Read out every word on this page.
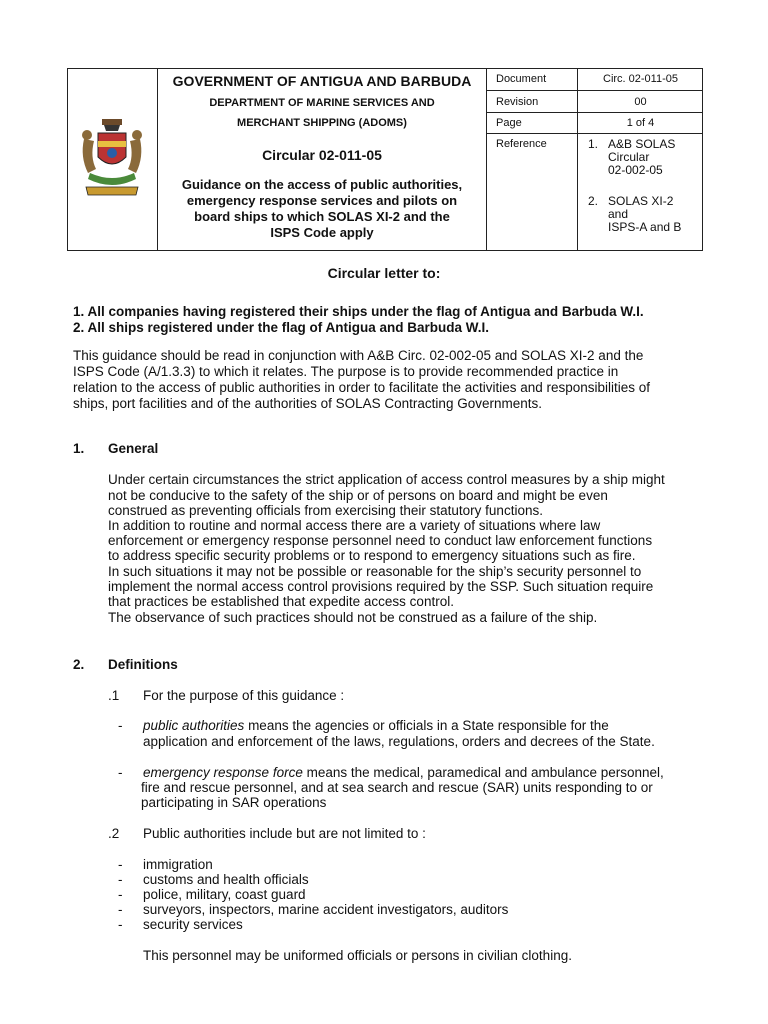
GOVERNMENT OF ANTIGUA AND BARBUDA
DEPARTMENT OF MARINE SERVICES AND
MERCHANT SHIPPING (ADOMS)
Circular 02-011-05
Guidance on the access of public authorities,
emergency response services and pilots on
board ships to which SOLAS XI-2 and the
ISPS Code apply
Document	Circ. 02-011-05
Revision	00
Page	1 of 4
Reference	1. A&B SOLAS
Circular
02-002-05
2. SOLAS XI-2
and
ISPS-A and B
Circular letter to:
1. All companies having registered their ships under the flag of Antigua and Barbuda W.I.
2. All ships registered under the flag of Antigua and Barbuda W.I.
This guidance should be read in conjunction with A&B Circ. 02-002-05 and SOLAS XI-2 and the
ISPS Code (A/1.3.3) to which it relates. The purpose is to provide recommended practice in
relation to the access of public authorities in order to facilitate the activities and responsibilities of
ships, port facilities and of the authorities of SOLAS Contracting Governments.
1. General
Under certain circumstances the strict application of access control measures by a ship might
not be conducive to the safety of the ship or of persons on board and might be even
construed as preventing officials from exercising their statutory functions.
In addition to routine and normal access there are a variety of situations where law
enforcement or emergency response personnel need to conduct law enforcement functions
to address specific security problems or to respond to emergency situations such as fire.
In such situations it may not be possible or reasonable for the ship’s security personnel to
implement the normal access control provisions required by the SSP. Such situation require
that practices be established that expedite access control.
The observance of such practices should not be construed as a failure of the ship.
2. Definitions
.1 For the purpose of this guidance :
- public authorities means the agencies or officials in a State responsible for the
application and enforcement of the laws, regulations, orders and decrees of the State.
- emergency response force means the medical, paramedical and ambulance personnel,
fire and rescue personnel, and at sea search and rescue (SAR) units responding to or
participating in SAR operations
.2 Public authorities include but are not limited to :
- immigration
- customs and health officials
- police, military, coast guard
- surveyors, inspectors, marine accident investigators, auditors
- security services
This personnel may be uniformed officials or persons in civilian clothing.
